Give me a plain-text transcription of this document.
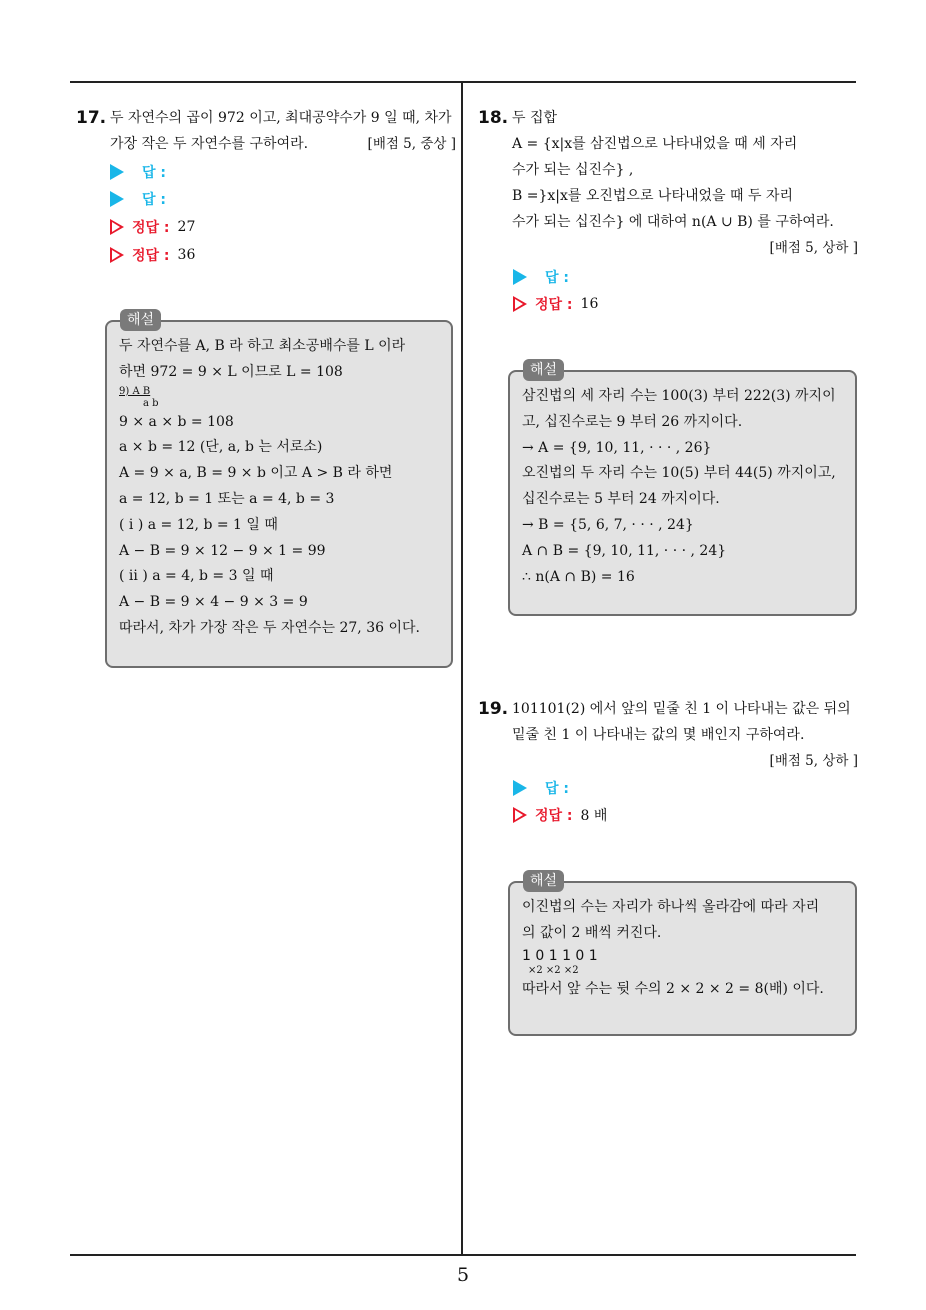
5
17. 두 자연수의 곱이 972 이고, 최대공약수가 9 일 때, 차가
가장 작은 두 자연수를 구하여라.	[배점 5, 중상 ]
답 :
답 :
정답 : 27
정답 : 36
두 자연수를 A, B 라 하고 최소공배수를 L 이라
하면 972 = 9 × L 이므로 L = 108
9) A B
a b
9 × a × b = 108
a × b = 12 (단, a, b 는 서로소)
A = 9 × a, B = 9 × b 이고 A > B 라 하면
a = 12, b = 1 또는 a = 4, b = 3
( i ) a = 12, b = 1 일 때
A − B = 9 × 12 − 9 × 1 = 99
( ii ) a = 4, b = 3 일 때
A − B = 9 × 4 − 9 × 3 = 9
따라서, 차가 가장 작은 두 자연수는 27, 36 이다.
해설
18. 두 집합
A = {x|x를 삼진법으로 나타내었을 때 세 자리
수가 되는 십진수} ,
B =}x|x를 오진법으로 나타내었을 때 두 자리
수가 되는 십진수} 에 대하여 n(A ∪ B) 를 구하여라.
[배점 5, 상하 ]
답 :
정답 : 16
삼진법의 세 자리 수는 100(3) 부터 222(3) 까지이
고, 십진수로는 9 부터 26 까지이다.
→ A = {9, 10, 11, · · · , 26}
오진법의 두 자리 수는 10(5) 부터 44(5) 까지이고,
십진수로는 5 부터 24 까지이다.
→ B = {5, 6, 7, · · · , 24}
A ∩ B = {9, 10, 11, · · · , 24}
∴ n(A ∩ B) = 16
해설
19. 101101(2) 에서 앞의 밑줄 친 1 이 나타내는 값은 뒤의
밑줄 친 1 이 나타내는 값의 몇 배인지 구하여라.
[배점 5, 상하 ]
답 :
정답 : 8 배
이진법의 수는 자리가 하나씩 올라감에 따라 자리
의 값이 2 배씩 커진다.
1 0 1 1 0 1
×2 ×2 ×2
따라서 앞 수는 뒷 수의 2 × 2 × 2 = 8(배) 이다.
해설
